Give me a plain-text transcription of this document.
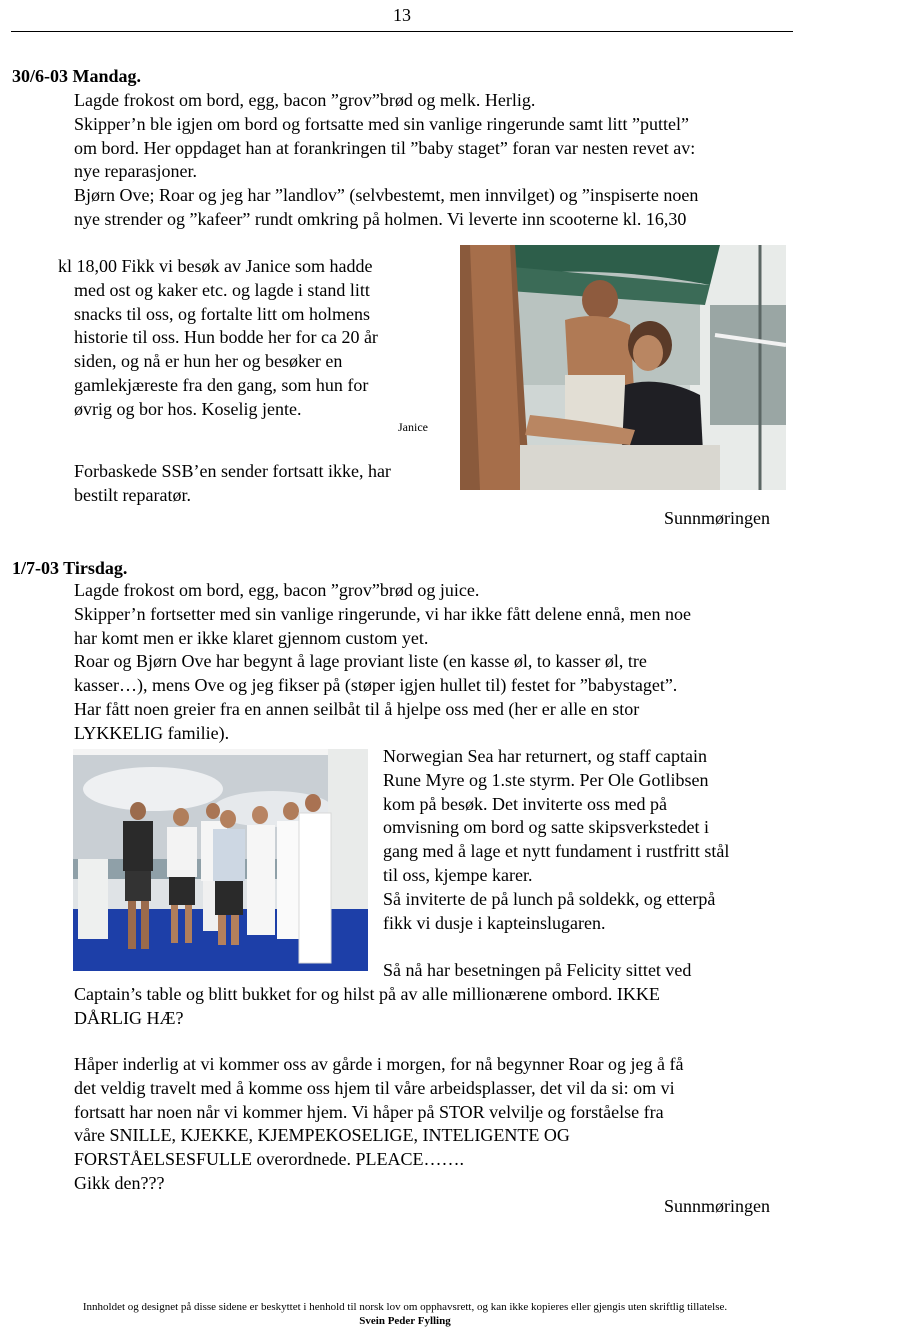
13
30/6-03 Mandag.
Lagde frokost om bord, egg, bacon ”grov”brød og melk. Herlig.
Skipper’n ble igjen om bord og fortsatte med sin vanlige ringerunde samt litt ”puttel”
om bord. Her oppdaget han at forankringen til ”baby staget” foran var nesten revet av:
nye reparasjoner.
Bjørn Ove; Roar og jeg har ”landlov” (selvbestemt, men innvilget) og ”inspiserte noen
nye strender og ”kafeer” rundt omkring på holmen. Vi leverte inn scooterne kl. 16,30
kl 18,00 Fikk vi besøk av Janice som hadde
med ost og kaker etc. og lagde i stand litt
snacks til oss, og fortalte litt om holmens
historie til oss. Hun bodde her for ca 20 år
siden, og nå er hun her og besøker en
gamlekjæreste fra den gang, som hun for
øvrig og bor hos. Koselig jente.
Janice
Forbaskede SSB’en sender fortsatt ikke, har
bestilt reparatør.
Sunnmøringen
1/7-03 Tirsdag.
Lagde frokost om bord, egg, bacon ”grov”brød og juice.
Skipper’n fortsetter med sin vanlige ringerunde, vi har ikke fått delene ennå, men noe
har komt men er ikke klaret gjennom custom yet.
Roar og Bjørn Ove har begynt å lage proviant liste (en kasse øl, to kasser øl, tre
kasser…), mens Ove og jeg fikser på (støper igjen hullet til) festet for ”babystaget”.
Har fått noen greier fra en annen seilbåt til å hjelpe oss med (her er alle en stor
LYKKELIG familie).
Norwegian Sea har returnert, og staff captain
Rune Myre og 1.ste styrm. Per Ole Gotlibsen
kom på besøk. Det inviterte oss med på
omvisning om bord og satte skipsverkstedet i
gang med å lage et nytt fundament i rustfritt stål
til oss, kjempe karer.
Så inviterte de på lunch på soldekk, og etterpå
fikk vi dusje i kapteinslugaren.
Så nå har besetningen på Felicity sittet ved
Captain’s table og blitt bukket for og hilst på av alle millionærene ombord. IKKE
DÅRLIG HÆ?
Håper inderlig at vi kommer oss av gårde i morgen, for nå begynner Roar og jeg å få
det veldig travelt med å komme oss hjem til våre arbeidsplasser, det vil da si: om vi
fortsatt har noen når vi kommer hjem. Vi håper på STOR velvilje og forståelse fra
våre SNILLE, KJEKKE, KJEMPEKOSELIGE, INTELIGENTE OG
FORSTÅELSESFULLE overordnede. PLEACE…….
Gikk den???
Sunnmøringen
Innholdet og designet på disse sidene er beskyttet i henhold til norsk lov om opphavsrett, og kan ikke kopieres eller gjengis uten skriftlig tillatelse.
Svein Peder Fylling
